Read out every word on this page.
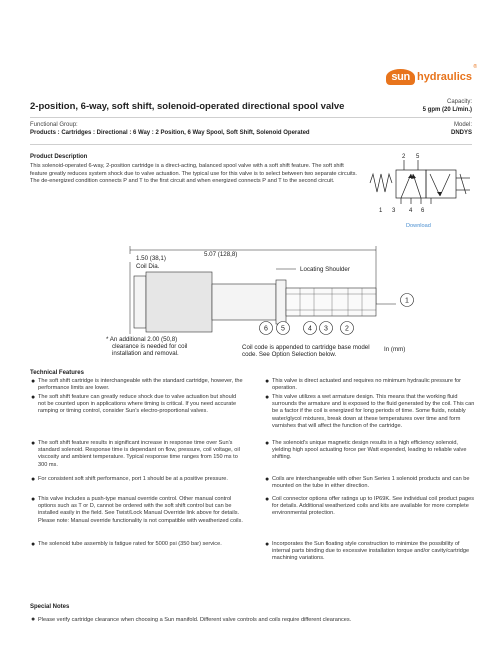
sun hydraulics
®
2-position, 6-way, soft shift, solenoid-operated directional spool valve	Capacity:
5 gpm (20 L/min.)
Functional Group:
Products : Cartridges : Directional : 6 Way : 2 Position, 6 Way Spool, Soft Shift, Solenoid Operated
Model:
DNDYS
Product Description
This solenoid-operated 6-way, 2-position cartridge is a direct-acting, balanced spool valve with a soft shift feature. The soft shift feature greatly reduces system shock due to valve actuation. The typical use for this valve is to select between two separate circuits. The de-energized condition connects P and T to the first circuit and when energized connects P and T to the second circuit.
2 5
1 3 4 6
Download
1.50 (38,1)
Coil Dia.
5.07 (128,8)
Locating Shoulder
* An additional 2.00 (50,8)
clearance is needed for coil
installation and removal.
Coil code is appended to cartridge base model
code. See Option Selection below.
In (mm)
6 5	4 3 2
1
Technical Features
● The soft shift cartridge is interchangeable with the standard cartridge, however, the performance limits are lower.
● The soft shift feature can greatly reduce shock due to valve actuation but should not be counted upon in applications where timing is critical. If you need accurate ramping or timing control, consider Sun's electro-proportional valves.
● The soft shift feature results in significant increase in response time over Sun's standard solenoid. Response time is dependant on flow, pressure, coil voltage, oil viscosity and ambient temperature. Typical response time ranges from 150 ms to 300 ms.
● For consistent soft shift performance, port 1 should be at a positive pressure.
● This valve includes a push-type manual override control. Other manual control options such as T or D, cannot be ordered with the soft shift control but can be installed easily in the field. See Twist/Lock Manual Override link above for details. Please note: Manual override functionality is not compatible with weatherized coils.
● The solenoid tube assembly is fatigue rated for 5000 psi (350 bar) service.
● This valve is direct actuated and requires no minimum hydraulic pressure for operation.
● This valve utilizes a wet armature design. This means that the working fluid surrounds the armature and is exposed to the fluid generated by the coil. This can be a factor if the coil is energized for long periods of time. Some fluids, notably water/glycol mixtures, break down at these temperatures over time and form varnishes that will affect the function of the cartridge.
● The solenoid's unique magnetic design results in a high efficiency solenoid, yielding high spool actuating force per Watt expended, leading to reliable valve shifting.
● Coils are interchangeable with other Sun Series 1 solenoid products and can be mounted on the tube in either direction.
● Coil connector options offer ratings up to IP69K. See individual coil product pages for details. Additional weatherized coils and kits are available for more complete environmental protection.
● Incorporates the Sun floating style construction to minimize the possibility of internal parts binding due to excessive installation torque and/or cavity/cartridge machining variations.
Special Notes
● Please verify cartridge clearance when choosing a Sun manifold. Different valve controls and coils require different clearances.
